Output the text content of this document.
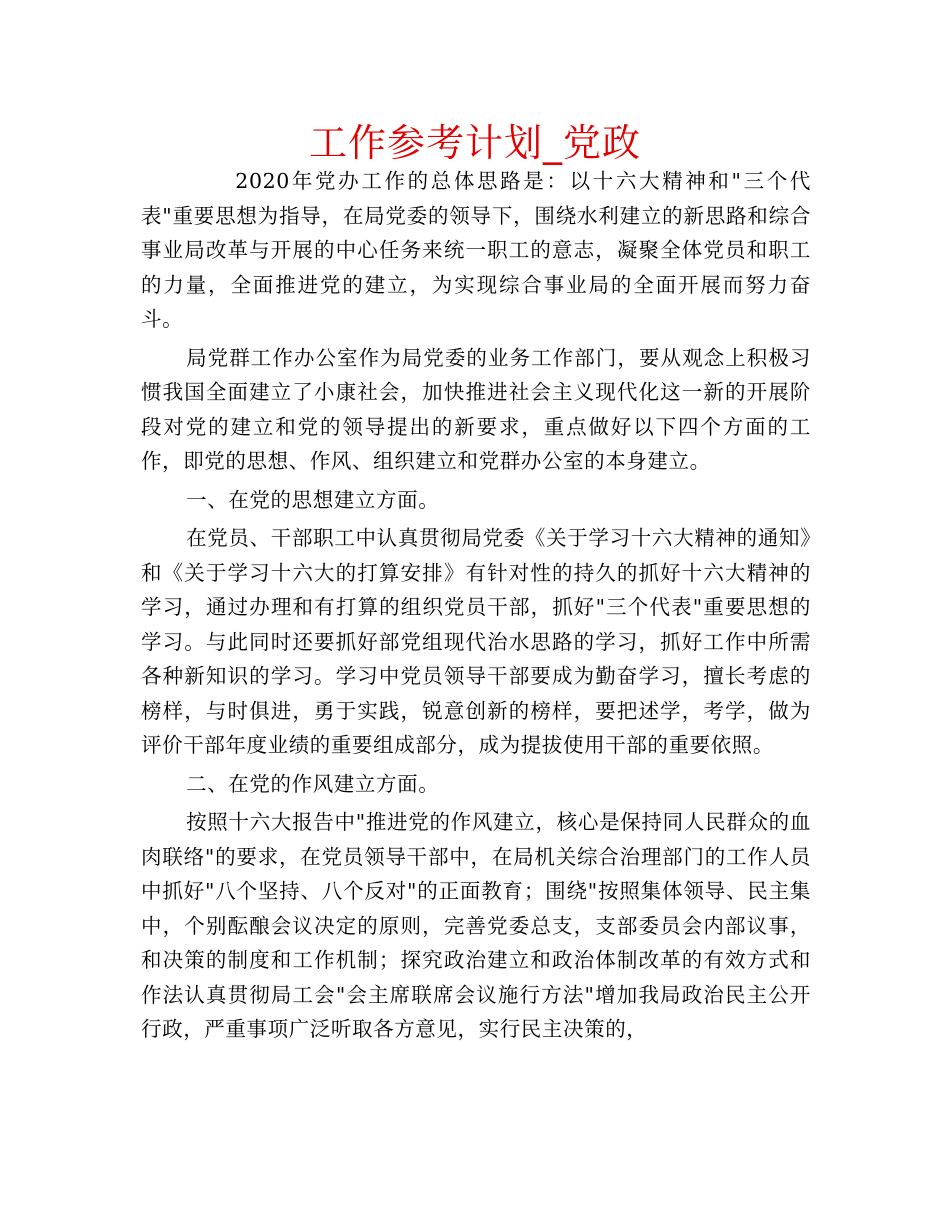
工作参考计划_党政

2020年党办工作的总体思路是：以十六大精神和"三个代表"重要思想为指导，在局党委的领导下，围绕水利建立的新思路和综合事业局改革与开展的中心任务来统一职工的意志，凝聚全体党员和职工的力量，全面推进党的建立，为实现综合事业局的全面开展而努力奋斗。

局党群工作办公室作为局党委的业务工作部门，要从观念上积极习惯我国全面建立了小康社会，加快推进社会主义现代化这一新的开展阶段对党的建立和党的领导提出的新要求，重点做好以下四个方面的工作，即党的思想、作风、组织建立和党群办公室的本身建立。

一、在党的思想建立方面。

在党员、干部职工中认真贯彻局党委《关于学习十六大精神的通知》和《关于学习十六大的打算安排》有针对性的持久的抓好十六大精神的学习，通过办理和有打算的组织党员干部，抓好"三个代表"重要思想的学习。与此同时还要抓好部党组现代治水思路的学习，抓好工作中所需各种新知识的学习。学习中党员领导干部要成为勤奋学习，擅长考虑的榜样，与时俱进，勇于实践，锐意创新的榜样，要把述学，考学，做为评价干部年度业绩的重要组成部分，成为提拔使用干部的重要依照。

二、在党的作风建立方面。

按照十六大报告中"推进党的作风建立，核心是保持同人民群众的血肉联络"的要求，在党员领导干部中，在局机关综合治理部门的工作人员中抓好"八个坚持、八个反对"的正面教育；围绕"按照集体领导、民主集中，个别酝酿会议决定的原则，完善党委总支，支部委员会内部议事，和决策的制度和工作机制；探究政治建立和政治体制改革的有效方式和作法认真贯彻局工会"会主席联席会议施行方法"增加我局政治民主公开行政，严重事项广泛听取各方意见，实行民主决策的，
